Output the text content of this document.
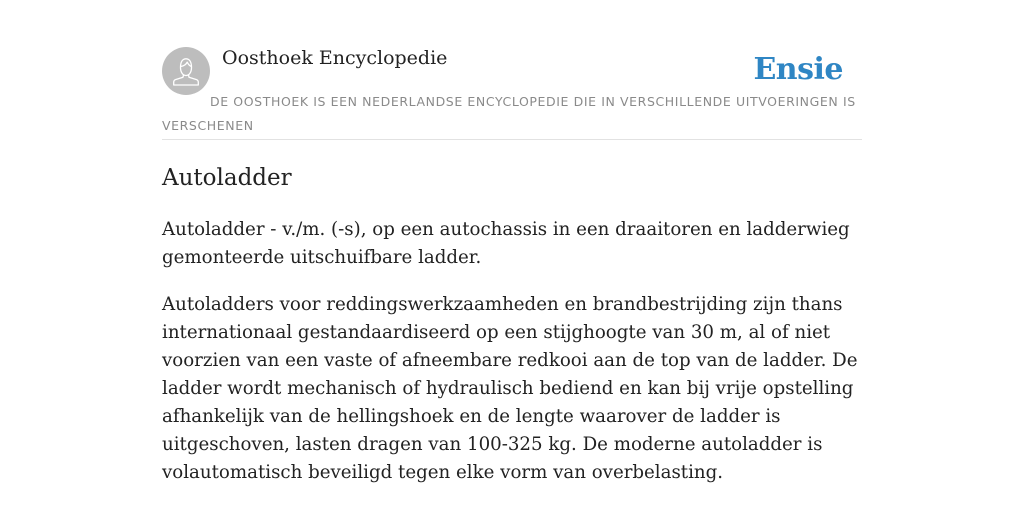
Oosthoek Encyclopedie	Ensie
DE OOSTHOEK IS EEN NEDERLANDSE ENCYCLOPEDIE DIE IN VERSCHILLENDE UITVOERINGEN IS VERSCHENEN
Autoladder

Autoladder - v./m. (-s), op een autochassis in een draaitoren en ladderwieg gemonteerde uitschuifbare ladder.

Autoladders voor reddingswerkzaamheden en brandbestrijding zijn thans internationaal gestandaardiseerd op een stijghoogte van 30 m, al of niet voorzien van een vaste of afneembare redkooi aan de top van de ladder. De ladder wordt mechanisch of hydraulisch bediend en kan bij vrije opstelling afhankelijk van de hellingshoek en de lengte waarover de ladder is uitgeschoven, lasten dragen van 100-325 kg. De moderne autoladder is volautomatisch beveiligd tegen elke vorm van overbelasting.
